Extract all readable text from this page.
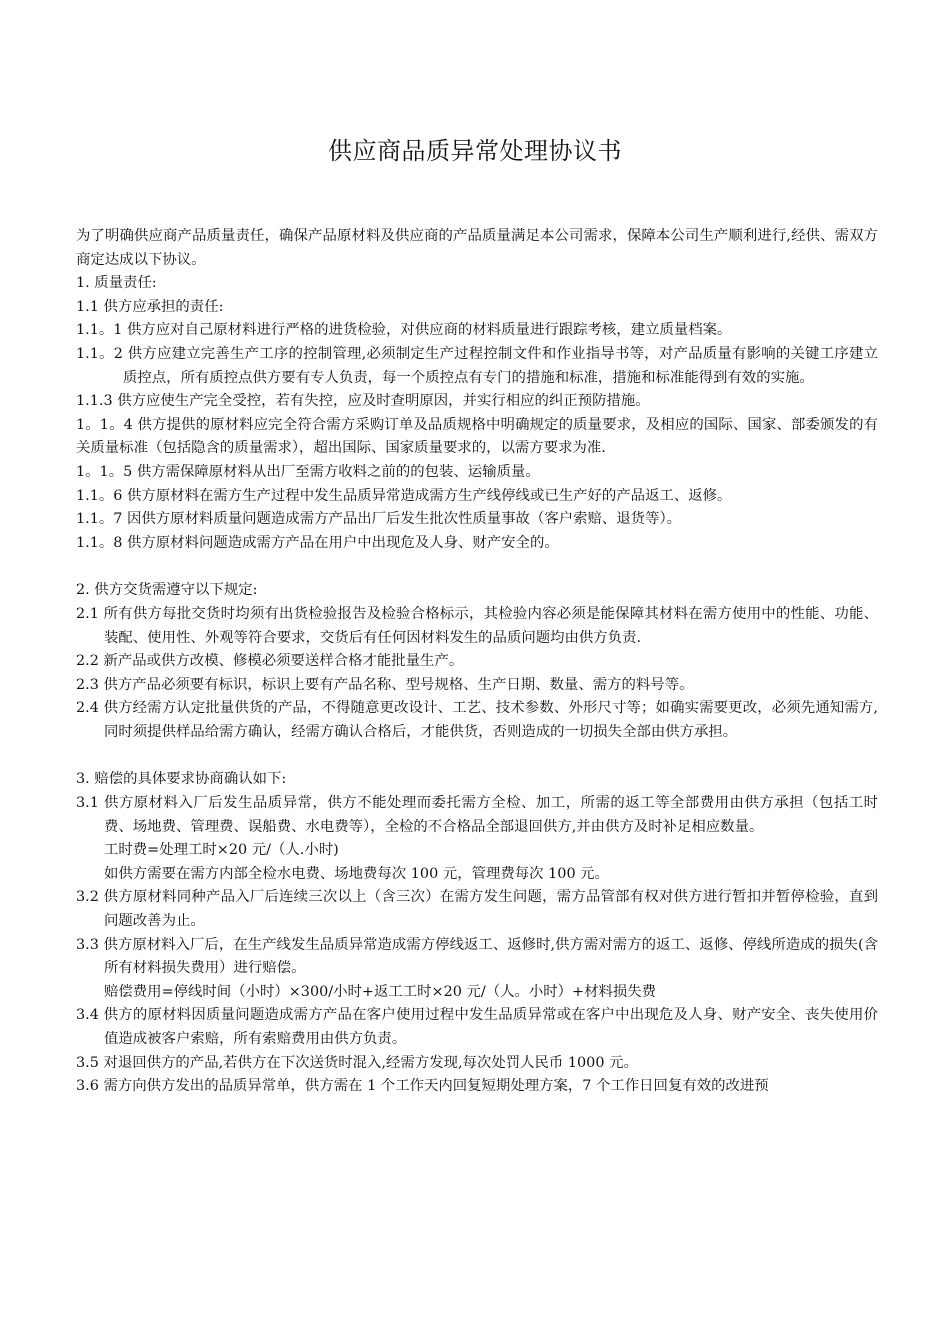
供应商品质异常处理协议书

为了明确供应商产品质量责任，确保产品原材料及供应商的产品质量满足本公司需求，保障本公司生产顺利进行,经供、需双方商定达成以下协议。

1. 质量责任:

1.1 供方应承担的责任:

1.1。1 供方应对自己原材料进行严格的进货检验，对供应商的材料质量进行跟踪考核，建立质量档案。

1.1。2 供方应建立完善生产工序的控制管理,必须制定生产过程控制文件和作业指导书等，对产品质量有影响的关键工序建立质控点，所有质控点供方要有专人负责，每一个质控点有专门的措施和标准，措施和标准能得到有效的实施。

1.1.3 供方应使生产完全受控，若有失控，应及时查明原因，并实行相应的纠正预防措施。

1。1。4 供方提供的原材料应完全符合需方采购订单及品质规格中明确规定的质量要求，及相应的国际、国家、部委颁发的有关质量标准（包括隐含的质量需求），超出国际、国家质量要求的，以需方要求为准.

1。1。5 供方需保障原材料从出厂至需方收料之前的的包装、运输质量。

1.1。6 供方原材料在需方生产过程中发生品质异常造成需方生产线停线或已生产好的产品返工、返修。

1.1。7 因供方原材料质量问题造成需方产品出厂后发生批次性质量事故（客户索赔、退货等）。

1.1。8 供方原材料问题造成需方产品在用户中出现危及人身、财产安全的。

2. 供方交货需遵守以下规定:

2.1 所有供方每批交货时均须有出货检验报告及检验合格标示，其检验内容必须是能保障其材料在需方使用中的性能、功能、装配、使用性、外观等符合要求，交货后有任何因材料发生的品质问题均由供方负责.

2.2 新产品或供方改模、修模必须要送样合格才能批量生产。

2.3 供方产品必须要有标识，标识上要有产品名称、型号规格、生产日期、数量、需方的料号等。

2.4 供方经需方认定批量供货的产品，不得随意更改设计、工艺、技术参数、外形尺寸等；如确实需要更改，必须先通知需方,同时须提供样品给需方确认，经需方确认合格后，才能供货，否则造成的一切损失全部由供方承担。

3. 赔偿的具体要求协商确认如下:

3.1 供方原材料入厂后发生品质异常，供方不能处理而委托需方全检、加工，所需的返工等全部费用由供方承担（包括工时费、场地费、管理费、误船费、水电费等），全检的不合格品全部退回供方,并由供方及时补足相应数量。

工时费=处理工时×20 元/（人.小时)

如供方需要在需方内部全检水电费、场地费每次 100 元，管理费每次 100 元。

3.2 供方原材料同种产品入厂后连续三次以上（含三次）在需方发生问题，需方品管部有权对供方进行暂扣并暂停检验，直到问题改善为止。

3.3 供方原材料入厂后，在生产线发生品质异常造成需方停线返工、返修时,供方需对需方的返工、返修、停线所造成的损失(含所有材料损失费用）进行赔偿。

赔偿费用=停线时间（小时）×300/小时+返工工时×20 元/（人。小时）+材料损失费

3.4 供方的原材料因质量问题造成需方产品在客户使用过程中发生品质异常或在客户中出现危及人身、财产安全、丧失使用价值造成被客户索赔，所有索赔费用由供方负责。

3.5 对退回供方的产品,若供方在下次送货时混入,经需方发现,每次处罚人民币 1000 元。

3.6 需方向供方发出的品质异常单，供方需在 1 个工作天内回复短期处理方案，7 个工作日回复有效的改进预
